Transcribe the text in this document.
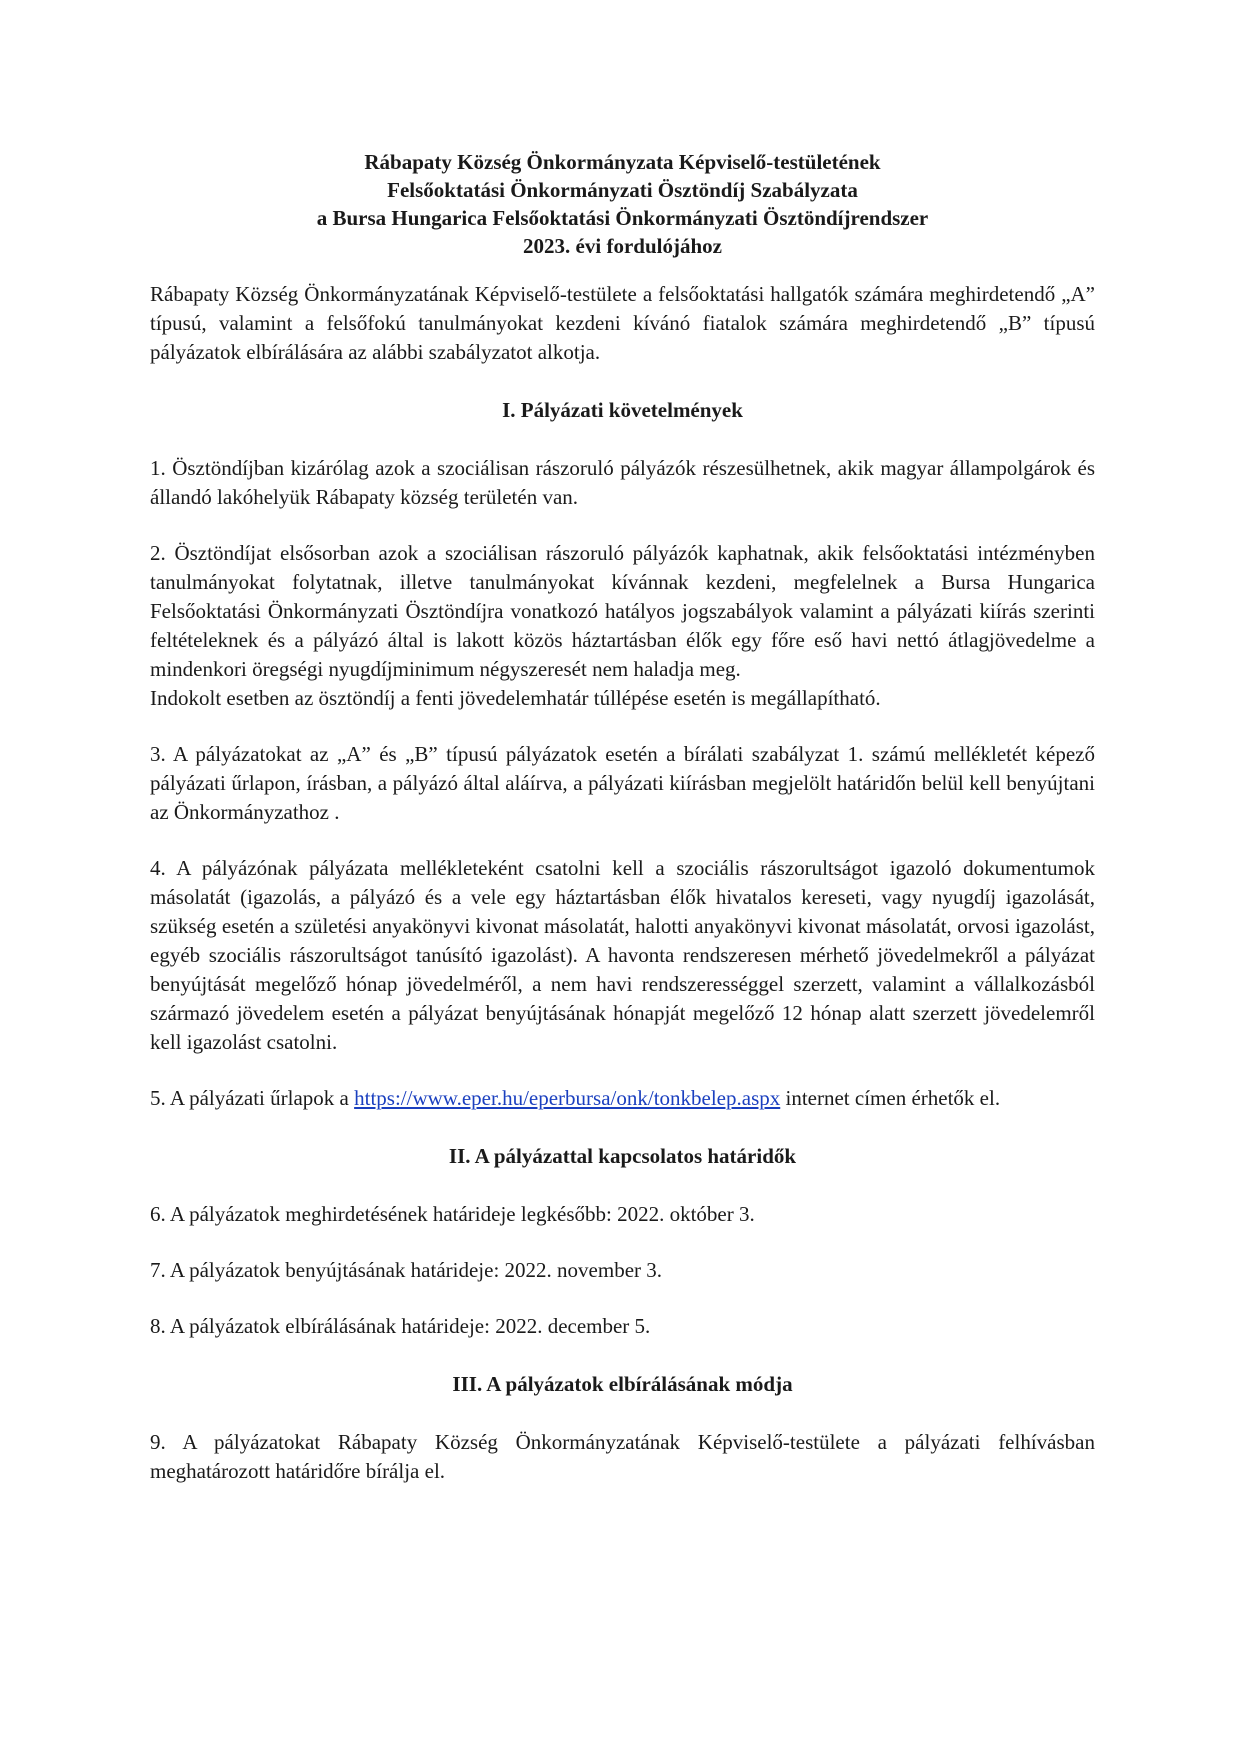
Rábapaty Község Önkormányzata Képviselő-testületének
Felsőoktatási Önkormányzati Ösztöndíj Szabályzata
a Bursa Hungarica Felsőoktatási Önkormányzati Ösztöndíjrendszer
2023. évi fordulójához

Rábapaty Község Önkormányzatának Képviselő-testülete a felsőoktatási hallgatók számára meghirdetendő „A” típusú, valamint a felsőfokú tanulmányokat kezdeni kívánó fiatalok számára meghirdetendő „B” típusú pályázatok elbírálására az alábbi szabályzatot alkotja.

I. Pályázati követelmények

1. Ösztöndíjban kizárólag azok a szociálisan rászoruló pályázók részesülhetnek, akik magyar állampolgárok és állandó lakóhelyük Rábapaty község területén van.

2. Ösztöndíjat elsősorban azok a szociálisan rászoruló pályázók kaphatnak, akik felsőoktatási intézményben tanulmányokat folytatnak, illetve tanulmányokat kívánnak kezdeni, megfelelnek a Bursa Hungarica Felsőoktatási Önkormányzati Ösztöndíjra vonatkozó hatályos jogszabályok valamint a pályázati kiírás szerinti feltételeknek és a pályázó által is lakott közös háztartásban élők egy főre eső havi nettó átlagjövedelme a mindenkori öregségi nyugdíjminimum négyszeresét nem haladja meg.

Indokolt esetben az ösztöndíj a fenti jövedelemhatár túllépése esetén is megállapítható.

3. A pályázatokat az „A” és „B” típusú pályázatok esetén a bírálati szabályzat 1. számú mellékletét képező pályázati űrlapon, írásban, a pályázó által aláírva, a pályázati kiírásban megjelölt határidőn belül kell benyújtani az Önkormányzathoz .

4. A pályázónak pályázata mellékleteként csatolni kell a szociális rászorultságot igazoló dokumentumok másolatát (igazolás, a pályázó és a vele egy háztartásban élők hivatalos kereseti, vagy nyugdíj igazolását, szükség esetén a születési anyakönyvi kivonat másolatát, halotti anyakönyvi kivonat másolatát, orvosi igazolást, egyéb szociális rászorultságot tanúsító igazolást). A havonta rendszeresen mérhető jövedelmekről a pályázat benyújtását megelőző hónap jövedelméről, a nem havi rendszerességgel szerzett, valamint a vállalkozásból származó jövedelem esetén a pályázat benyújtásának hónapját megelőző 12 hónap alatt szerzett jövedelemről kell igazolást csatolni.

5. A pályázati űrlapok a https://www.eper.hu/eperbursa/onk/tonkbelep.aspx internet címen érhetők el.

II. A pályázattal kapcsolatos határidők

6. A pályázatok meghirdetésének határideje legkésőbb: 2022. október 3.

7. A pályázatok benyújtásának határideje: 2022. november 3.

8. A pályázatok elbírálásának határideje: 2022. december 5.

III. A pályázatok elbírálásának módja

9. A pályázatokat Rábapaty Község Önkormányzatának Képviselő-testülete a pályázati felhívásban meghatározott határidőre bírálja el.
